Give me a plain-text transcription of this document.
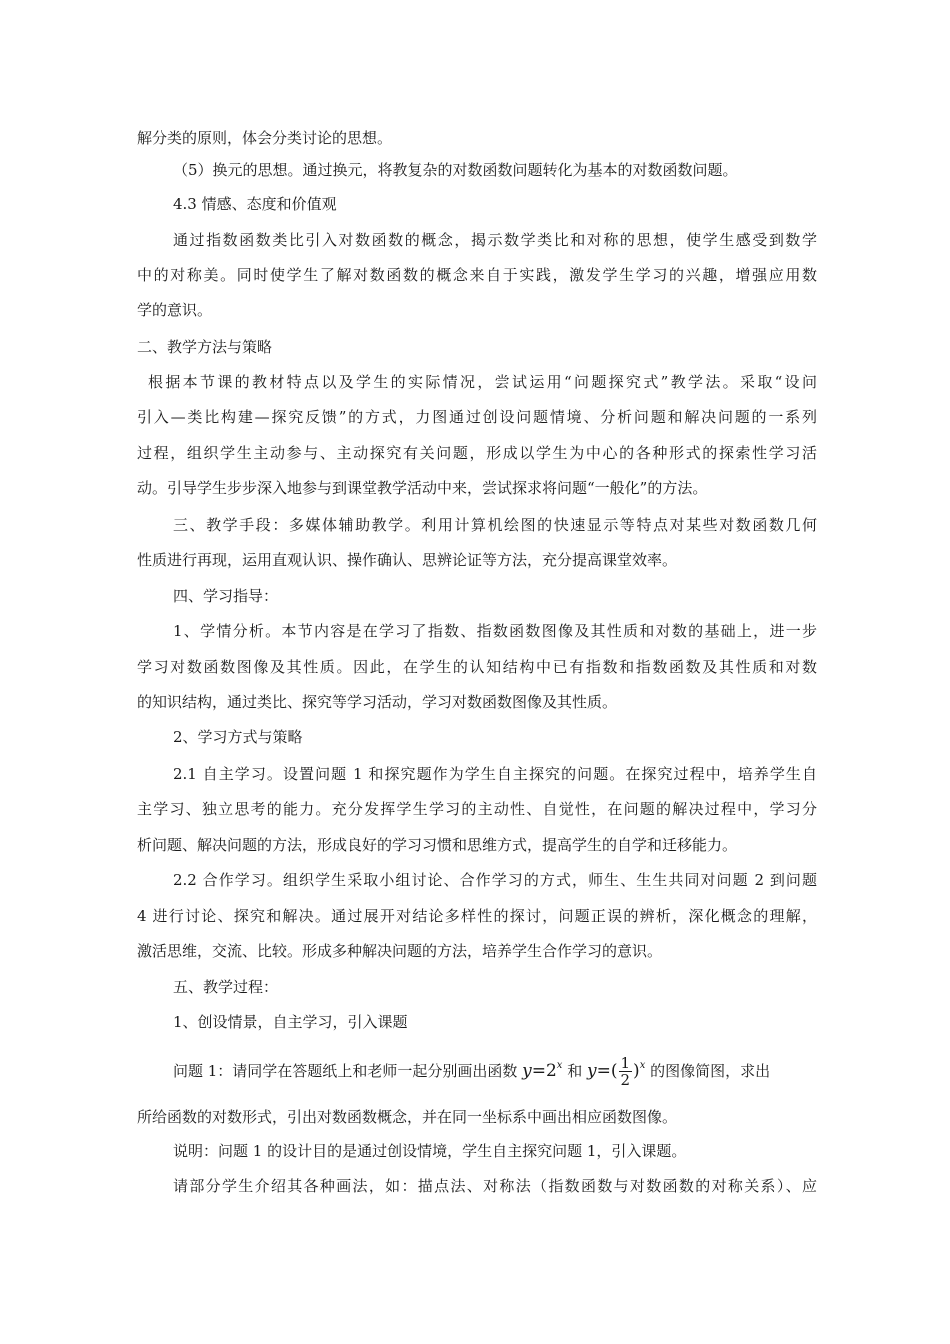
解分类的原则，体会分类讨论的思想。
（5）换元的思想。通过换元，将教复杂的对数函数问题转化为基本的对数函数问题。
4.3 情感、态度和价值观
通过指数函数类比引入对数函数的概念，揭示数学类比和对称的思想，使学生感受到数学
中的对称美。同时使学生了解对数函数的概念来自于实践，激发学生学习的兴趣，增强应用数
学的意识。
二、教学方法与策略
根据本节课的教材特点以及学生的实际情况，尝试运用“问题探究式”教学法。采取“设问
引入—类比构建—探究反馈”的方式，力图通过创设问题情境、分析问题和解决问题的一系列
过程，组织学生主动参与、主动探究有关问题，形成以学生为中心的各种形式的探索性学习活
动。引导学生步步深入地参与到课堂教学活动中来，尝试探求将问题“一般化”的方法。
三、教学手段：多媒体辅助教学。利用计算机绘图的快速显示等特点对某些对数函数几何
性质进行再现，运用直观认识、操作确认、思辨论证等方法，充分提高课堂效率。
四、学习指导：
1、学情分析。本节内容是在学习了指数、指数函数图像及其性质和对数的基础上，进一步
学习对数函数图像及其性质。因此，在学生的认知结构中已有指数和指数函数及其性质和对数
的知识结构，通过类比、探究等学习活动，学习对数函数图像及其性质。
2、学习方式与策略
2.1 自主学习。设置问题 1 和探究题作为学生自主探究的问题。在探究过程中，培养学生自
主学习、独立思考的能力。充分发挥学生学习的主动性、自觉性，在问题的解决过程中，学习分
析问题、解决问题的方法，形成良好的学习习惯和思维方式，提高学生的自学和迁移能力。
2.2 合作学习。组织学生采取小组讨论、合作学习的方式，师生、生生共同对问题 2 到问题
4 进行讨论、探究和解决。通过展开对结论多样性的探讨，问题正误的辨析，深化概念的理解，
激活思维，交流、比较。形成多种解决问题的方法，培养学生合作学习的意识。
五、教学过程：
1、创设情景，自主学习，引入课题
问题 1：请同学在答题纸上和老师一起分别画出函数 $y=2^x$ 和 $y=( \frac{1}{2} )^x$ 的图像简图，求出
所给函数的对数形式，引出对数函数概念，并在同一坐标系中画出相应函数图像。
说明：问题 1 的设计目的是通过创设情境，学生自主探究问题 1，引入课题。
请部分学生介绍其各种画法，如：描点法、对称法（指数函数与对数函数的对称关系）、应
